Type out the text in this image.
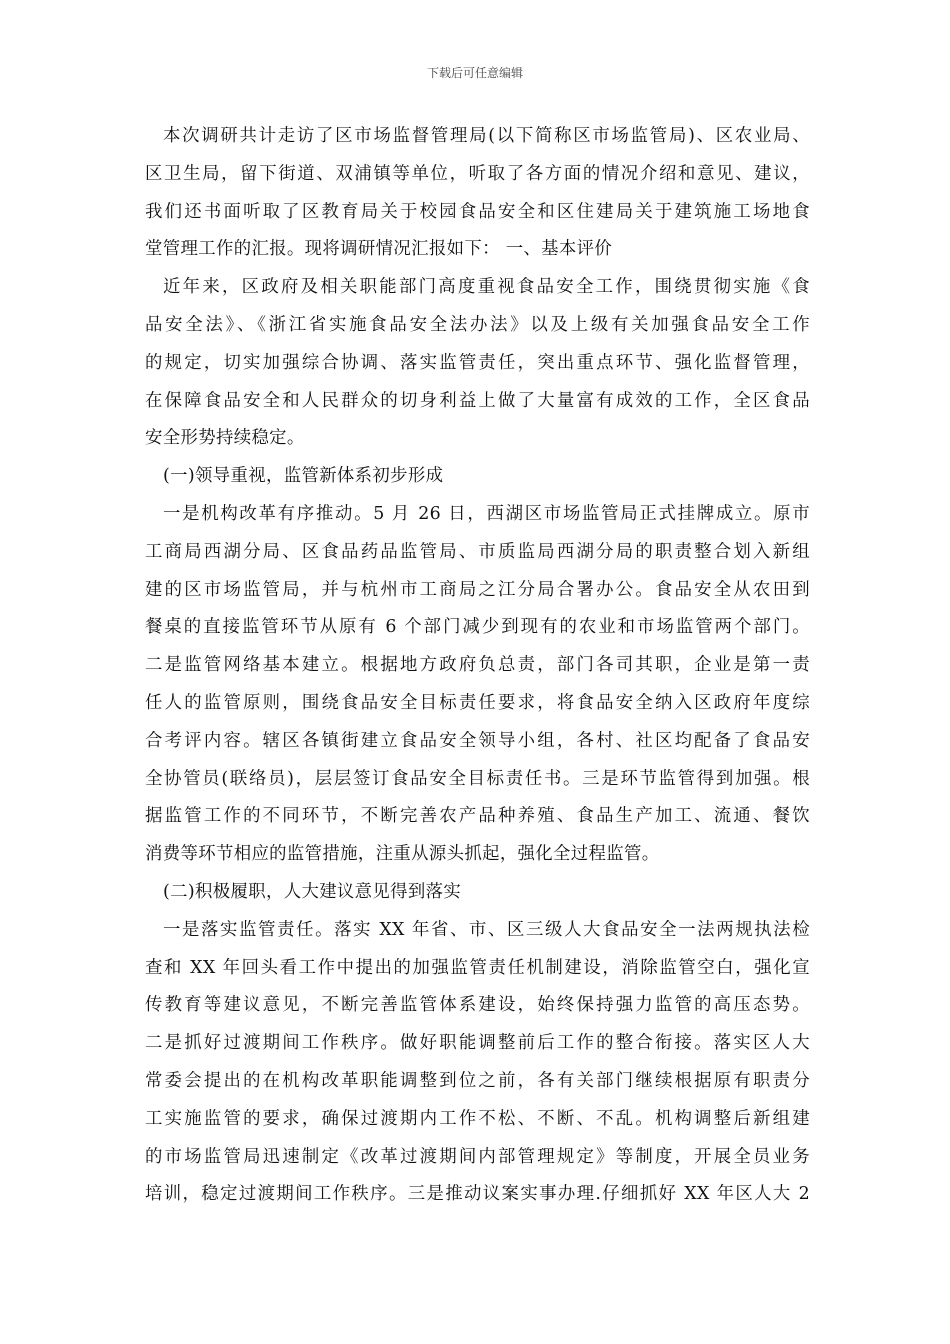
下载后可任意编辑
本次调研共计走访了区市场监督管理局(以下简称区市场监管局)、区农业局、
区卫生局，留下街道、双浦镇等单位，听取了各方面的情况介绍和意见、建议，
我们还书面听取了区教育局关于校园食品安全和区住建局关于建筑施工场地食
堂管理工作的汇报。现将调研情况汇报如下： 一、基本评价
近年来，区政府及相关职能部门高度重视食品安全工作，围绕贯彻实施《食
品安全法》、《浙江省实施食品安全法办法》以及上级有关加强食品安全工作
的规定，切实加强综合协调、落实监管责任，突出重点环节、强化监督管理，
在保障食品安全和人民群众的切身利益上做了大量富有成效的工作，全区食品
安全形势持续稳定。
(一)领导重视，监管新体系初步形成
一是机构改革有序推动。5 月 26 日，西湖区市场监管局正式挂牌成立。原市
工商局西湖分局、区食品药品监管局、市质监局西湖分局的职责整合划入新组
建的区市场监管局，并与杭州市工商局之江分局合署办公。食品安全从农田到
餐桌的直接监管环节从原有 6 个部门减少到现有的农业和市场监管两个部门。
二是监管网络基本建立。根据地方政府负总责，部门各司其职，企业是第一责
任人的监管原则，围绕食品安全目标责任要求，将食品安全纳入区政府年度综
合考评内容。辖区各镇街建立食品安全领导小组，各村、社区均配备了食品安
全协管员(联络员)，层层签订食品安全目标责任书。三是环节监管得到加强。根
据监管工作的不同环节，不断完善农产品种养殖、食品生产加工、流通、餐饮
消费等环节相应的监管措施，注重从源头抓起，强化全过程监管。
(二)积极履职，人大建议意见得到落实
一是落实监管责任。落实 XX 年省、市、区三级人大食品安全一法两规执法检
查和 XX 年回头看工作中提出的加强监管责任机制建设，消除监管空白，强化宣
传教育等建议意见，不断完善监管体系建设，始终保持强力监管的高压态势。
二是抓好过渡期间工作秩序。做好职能调整前后工作的整合衔接。落实区人大
常委会提出的在机构改革职能调整到位之前，各有关部门继续根据原有职责分
工实施监管的要求，确保过渡期内工作不松、不断、不乱。机构调整后新组建
的市场监管局迅速制定《改革过渡期间内部管理规定》等制度，开展全员业务
培训，稳定过渡期间工作秩序。三是推动议案实事办理.仔细抓好 XX 年区人大 2
